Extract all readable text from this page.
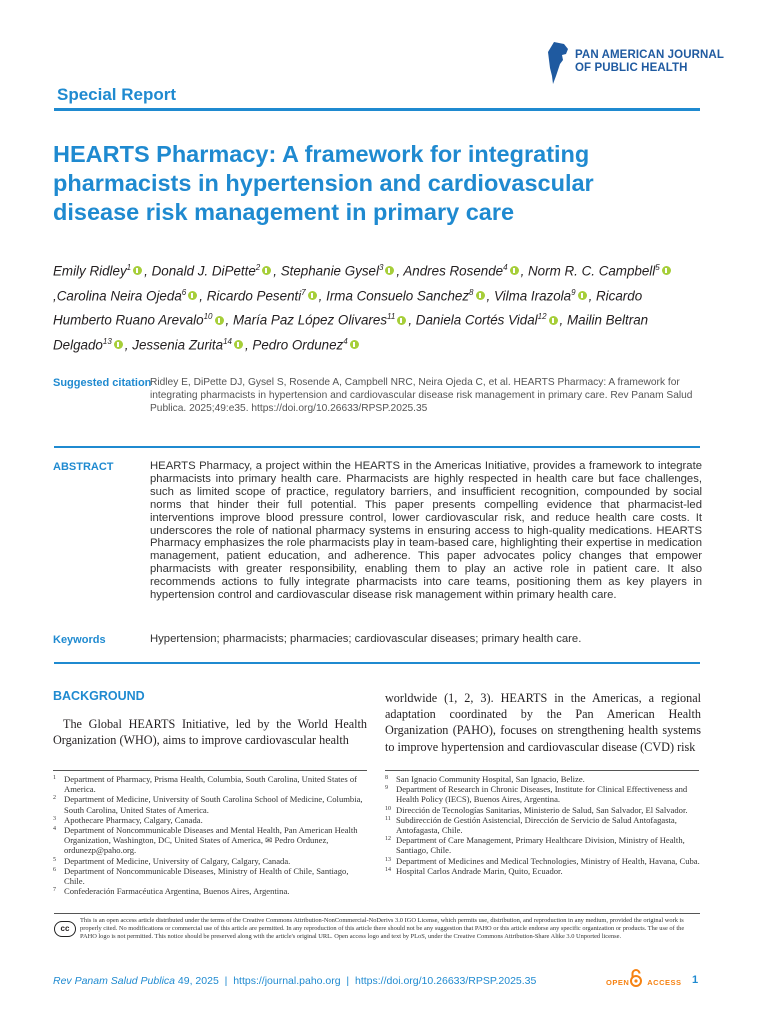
PAN AMERICAN JOURNAL
OF PUBLIC HEALTH
Special Report
HEARTS Pharmacy: A framework for integrating
pharmacists in hypertension and cardiovascular
disease risk management in primary care
Emily Ridley$^1$ , Donald J. DiPette$^2$ , Stephanie Gysel$^3$ , Andres Rosende$^4$ , Norm R. C. Campbell$^5$,Carolina Neira Ojeda$^6$ , Ricardo Pesenti$^7$ , Irma Consuelo Sanchez$^8$ , Vilma Irazola$^9$ , Ricardo Humberto Ruano Arevalo$^{10}$ , María Paz López Olivares$^{11}$ , Daniela Cortés Vidal$^{12}$ , Mailin Beltran Delgado$^{13}$ , Jessenia Zurita$^{14}$ , Pedro Ordunez$^4$
Suggested citation
Ridley E, DiPette DJ, Gysel S, Rosende A, Campbell NRC, Neira Ojeda C, et al. HEARTS Pharmacy: A framework for integrating pharmacists in hypertension and cardiovascular disease risk management in primary care. Rev Panam Salud Publica. 2025;49:e35. https://doi.org/10.26633/RPSP.2025.35
ABSTRACT	HEARTS Pharmacy, a project within the HEARTS in the Americas Initiative, provides a framework to integrate pharmacists into primary health care. Pharmacists are highly respected in health care but face challenges, such as limited scope of practice, regulatory barriers, and insufficient recognition, compounded by social norms that hinder their full potential. This paper presents compelling evidence that pharmacist-led interventions improve blood pressure control, lower cardiovascular risk, and reduce health care costs. It underscores the role of national pharmacy systems in ensuring access to high-quality medications. HEARTS Pharmacy emphasizes the role pharmacists play in team-based care, highlighting their expertise in medication management, patient education, and adherence. This paper advocates policy changes that empower pharmacists with greater responsibility, enabling them to play an active role in patient care. It also recommends actions to fully integrate pharmacists into care teams, positioning them as key players in hypertension control and cardiovascular disease risk management within primary health care.
Keywords	Hypertension; pharmacists; pharmacies; cardiovascular diseases; primary health care.
BACKGROUND
The Global HEARTS Initiative, led by the World Health Organization (WHO), aims to improve cardiovascular health
worldwide (1, 2, 3). HEARTS in the Americas, a regional adaptation coordinated by the Pan American Health Organization (PAHO), focuses on strengthening health systems to improve hypertension and cardiovascular disease (CVD) risk
1 Department of Pharmacy, Prisma Health, Columbia, South Carolina, United States of America.
2 Department of Medicine, University of South Carolina School of Medicine, Columbia, South Carolina, United States of America.
3 Apothecare Pharmacy, Calgary, Canada.
4 Department of Noncommunicable Diseases and Mental Health, Pan American Health Organization, Washington, DC, United States of America, ✉ Pedro Ordunez, ordunezp@paho.org.
5 Department of Medicine, University of Calgary, Calgary, Canada.
6 Department of Noncommunicable Diseases, Ministry of Health of Chile, Santiago, Chile.
7 Confederación Farmacéutica Argentina, Buenos Aires, Argentina.
8 San Ignacio Community Hospital, San Ignacio, Belize.
9 Department of Research in Chronic Diseases, Institute for Clinical Effectiveness and Health Policy (IECS), Buenos Aires, Argentina.
10 Dirección de Tecnologías Sanitarias, Ministerio de Salud, San Salvador, El Salvador.
11 Subdirección de Gestión Asistencial, Dirección de Servicio de Salud Antofagasta, Antofagasta, Chile.
12 Department of Care Management, Primary Healthcare Division, Ministry of Health, Santiago, Chile.
13 Department of Medicines and Medical Technologies, Ministry of Health, Havana, Cuba.
14 Hospital Carlos Andrade Marin, Quito, Ecuador.
cc
This is an open access article distributed under the terms of the Creative Commons Attribution-NonCommercial-NoDerivs 3.0 IGO License, which permits use, distribution, and reproduction in any medium, provided the original work is properly cited. No modifications or commercial use of this article are permitted. In any reproduction of this article there should not be any suggestion that PAHO or this article endorse any specific organization or products. The use of the PAHO logo is not permitted. This notice should be preserved along with the article's original URL. Open access logo and text by PLoS, under the Creative Commons Attribution-Share Alike 3.0 Unported license.
Rev Panam Salud Publica 49, 2025  |  https://journal.paho.org  |  https://doi.org/10.26633/RPSP.2025.35	OPEN ACCESS 1
